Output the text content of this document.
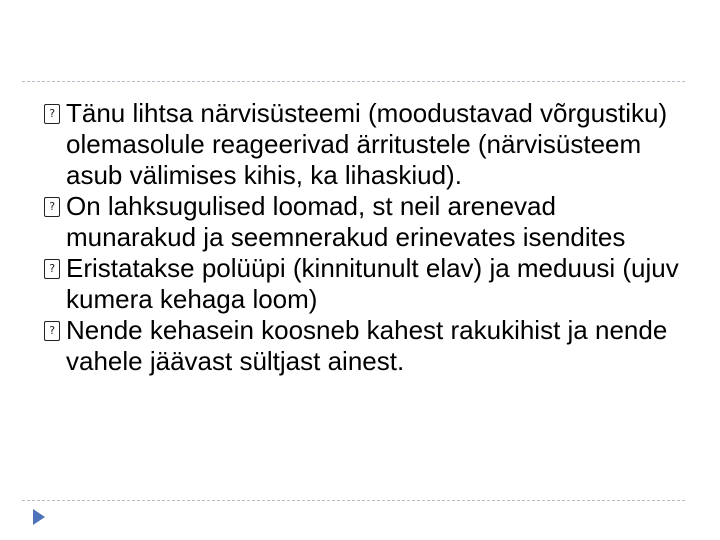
? Tänu lihtsa närvisüsteemi (moodustavad võrgustiku) olemasolule reageerivad ärritustele (närvisüsteem asub välimises kihis, ka lihaskiud).
? On lahksugulised loomad, st neil arenevad munarakud ja seemnerakud erinevates isendites
? Eristatakse polüüpi (kinnitunult elav) ja meduusi (ujuv kumera kehaga loom)
? Nende kehasein koosneb kahest rakukihist ja nende vahele jäävast sültjast ainest.
